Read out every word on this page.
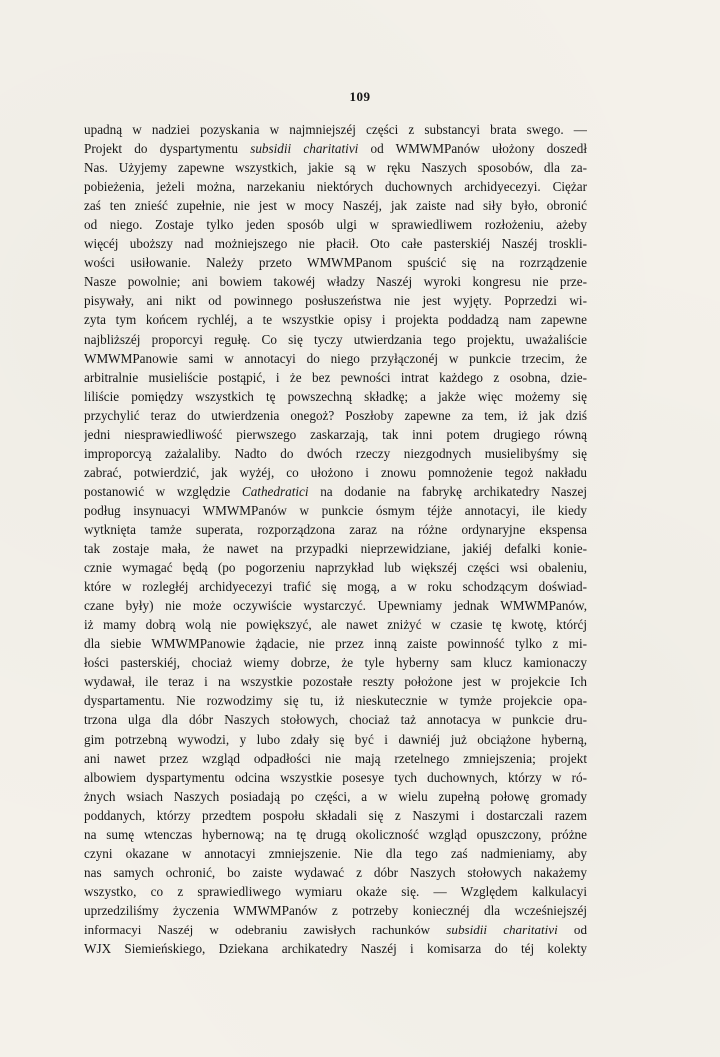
109
upadną w nadziei pozyskania w najmniejszéj części z substancyi brata swego. —
Projekt do dyspartymentu subsidii charitativi od WMWMPanów ułożony doszedł
Nas. Użyjemy zapewne wszystkich, jakie są w ręku Naszych sposobów, dla za-
pobieżenia, jeżeli można, narzekaniu niektórych duchownych archidyecezyi. Ciężar
zaś ten znieść zupełnie, nie jest w mocy Naszéj, jak zaiste nad siły było, obronić
od niego. Zostaje tylko jeden sposób ulgi w sprawiedliwem rozłożeniu, ażeby
więcéj uboższy nad możniejszego nie płacił. Oto całe pasterskiéj Naszéj troskli-
wości usiłowanie. Należy przeto WMWMPanom spuścić się na rozrządzenie
Nasze powolnie; ani bowiem takowéj władzy Naszéj wyroki kongresu nie prze-
pisywały, ani nikt od powinnego posłuszeństwa nie jest wyjęty. Poprzedzi wi-
zyta tym końcem rychléj, a te wszystkie opisy i projekta poddadzą nam zapewne
najbliższéj proporcyi regułę. Co się tyczy utwierdzania tego projektu, uważaliście
WMWMPanowie sami w annotacyi do niego przyłączonéj w punkcie trzecim, że
arbitralnie musieliście postąpić, i że bez pewności intrat każdego z osobna, dzie-
liliście pomiędzy wszystkich tę powszechną składkę; a jakże więc możemy się
przychylić teraz do utwierdzenia onegoż? Poszłoby zapewne za tem, iż jak dziś
jedni niesprawiedliwość pierwszego zaskarzają, tak inni potem drugiego równą
improporcyą zażalaliby. Nadto do dwóch rzeczy niezgodnych musielibyśmy się
zabrać, potwierdzić, jak wyżéj, co ułożono i znowu pomnożenie tegoż nakładu
postanowić w względzie Cathedratici na dodanie na fabrykę archikatedry Naszej
podług insynuacyi WMWMPanów w punkcie ósmym téjże annotacyi, ile kiedy
wytknięta tamże superata, rozporządzona zaraz na różne ordynaryjne ekspensa
tak zostaje mała, że nawet na przypadki nieprzewidziane, jakiéj defalki koniе-
cznie wymagać będą (po pogorzeniu naprzykład lub większéj części wsi obaleniu,
które w rozległéj archidyecezyi trafić się mogą, a w roku schodzącym doświad-
czane były) nie może oczywiście wystarczyć. Upewniamy jednak WMWMPanów,
iż mamy dobrą wolą nie powiększyć, ale nawet zniżyć w czasie tę kwotę, którćj
dla siebie WMWMPanowie żądacie, nie przez inną zaiste powinność tylko z mi-
łości pasterskiéj, chociaż wiemy dobrze, że tyle hyberny sam klucz kamionaczy
wydawał, ile teraz i na wszystkie pozostałe reszty położone jest w projekcie Ich
dyspartamentu. Nie rozwodzimy się tu, iż nieskutecznie w tymże projekcie opa-
trzona ulga dla dóbr Naszych stołowych, chociaż taż annotacya w punkcie dru-
gim potrzebną wywodzi, y lubo zdały się być i dawniéj już obciążone hyberną,
ani nawet przez wzgląd odpadłości nie mają rzetelnego zmniejszenia; projekt
albowiem dyspartymentu odcina wszystkie posesye tych duchownych, którzy w ró-
żnych wsiach Naszych posiadają po części, a w wielu zupełną połowę gromady
poddanych, którzy przedtem pospołu składali się z Naszymi i dostarczali razem
na sumę wtenczas hybernową; na tę drugą okoliczność wzgląd opuszczony, próżne
czyni okazane w annotacyi zmniejszenie. Nie dla tego zaś nadmieniamy, aby
nas samych ochronić, bo zaiste wydawać z dóbr Naszych stołowych nakażemy
wszystko, co z sprawiedliwego wymiaru okaże się. — Względem kalkulacyi
uprzedziliśmy życzenia WMWMPanów z potrzeby koniecznéj dla wcześniejszéj
informacyi Naszéj w odebraniu zawisłych rachunków subsidii charitativi od
WJX Siemieńskiego, Dziekana archikatedry Naszéj i komisarza do téj kolekty
